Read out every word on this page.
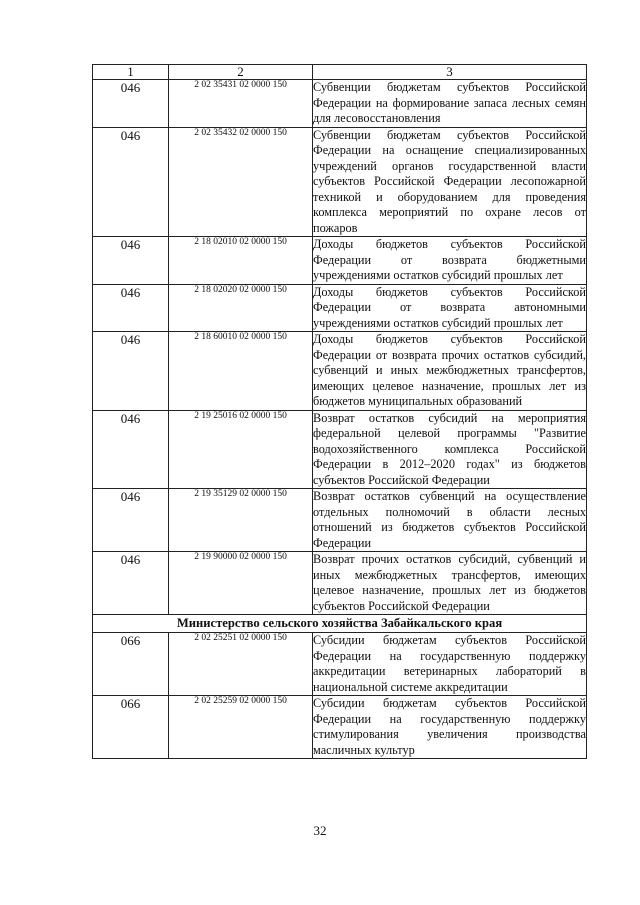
1	2	3
046	2 02 35431 02 0000 150	Субвенции бюджетам субъектов Российской Федерации на формирование запаса лесных семян для лесовосстановления
046	2 02 35432 02 0000 150	Субвенции бюджетам субъектов Российской Федерации на оснащение специализированных учреждений органов государственной власти субъектов Российской Федерации лесопожарной техникой и оборудованием для проведения комплекса мероприятий по охране лесов от пожаров
046	2 18 02010 02 0000 150	Доходы бюджетов субъектов Российской Федерации от возврата бюджетными учреждениями остатков субсидий прошлых лет
046	2 18 02020 02 0000 150	Доходы бюджетов субъектов Российской Федерации от возврата автономными учреждениями остатков субсидий прошлых лет
046	2 18 60010 02 0000 150	Доходы бюджетов субъектов Российской Федерации от возврата прочих остатков субсидий, субвенций и иных межбюджетных трансфертов, имеющих целевое назначение, прошлых лет из бюджетов муниципальных образований
046	2 19 25016 02 0000 150	Возврат остатков субсидий на мероприятия федеральной целевой программы "Развитие водохозяйственного комплекса Российской Федерации в 2012–2020 годах" из бюджетов субъектов Российской Федерации
046	2 19 35129 02 0000 150	Возврат остатков субвенций на осуществление отдельных полномочий в области лесных отношений из бюджетов субъектов Российской Федерации
046	2 19 90000 02 0000 150	Возврат прочих остатков субсидий, субвенций и иных межбюджетных трансфертов, имеющих целевое назначение, прошлых лет из бюджетов субъектов Российской Федерации
Министерство сельского хозяйства Забайкальского края		
066	2 02 25251 02 0000 150	Субсидии бюджетам субъектов Российской Федерации на государственную поддержку аккредитации ветеринарных лабораторий в национальной системе аккредитации
066	2 02 25259 02 0000 150	Субсидии бюджетам субъектов Российской Федерации на государственную поддержку стимулирования увеличения производства масличных культур
32
